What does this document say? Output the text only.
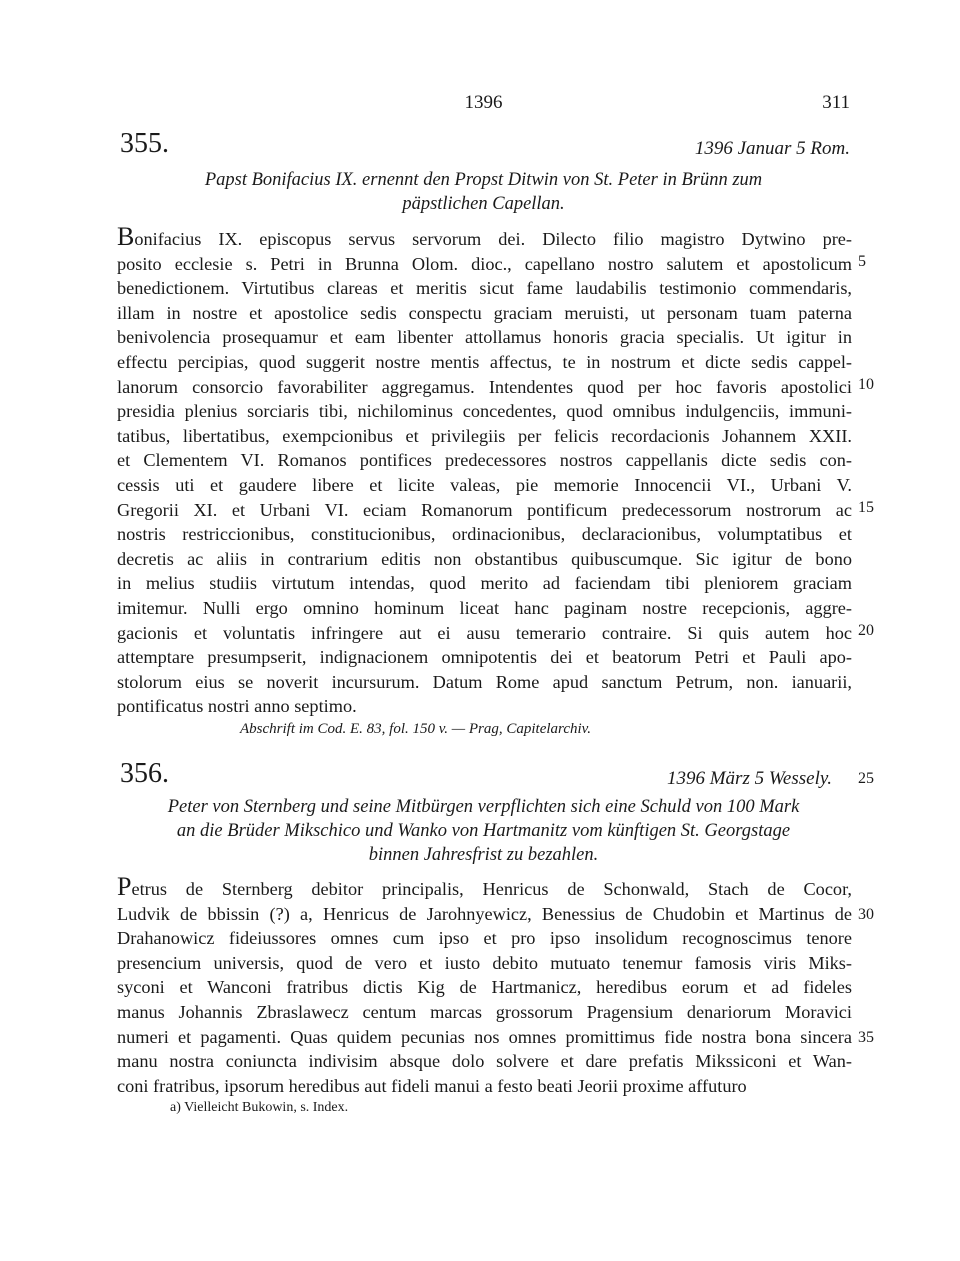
1396	311
355.	1396 Januar 5 Rom.
Papst Bonifacius IX. ernennt den Propst Ditwin von St. Peter in Brünn zum
päpstlichen Capellan.
Bonifacius IX. episcopus servus servorum dei. Dilecto filio magistro Dytwino pre-
posito ecclesie s. Petri in Brunna Olom. dioc., capellano nostro salutem et apostolicum
benedictionem. Virtutibus clareas et meritis sicut fame laudabilis testimonio commendaris,
illam in nostre et apostolice sedis conspectu graciam meruisti, ut personam tuam paterna
benivolencia prosequamur et eam libenter attollamus honoris gracia specialis. Ut igitur in
effectu percipias, quod suggerit nostre mentis affectus, te in nostrum et dicte sedis cappel-
lanorum consorcio favorabiliter aggregamus. Intendentes quod per hoc favoris apostolici
presidia plenius sorciaris tibi, nichilominus concedentes, quod omnibus indulgenciis, immuni-
tatibus, libertatibus, exempcionibus et privilegiis per felicis recordacionis Johannem XXII.
et Clementem VI. Romanos pontifices predecessores nostros cappellanis dicte sedis con-
cessis uti et gaudere libere et licite valeas, pie memorie Innocencii VI., Urbani V.
Gregorii XI. et Urbani VI. eciam Romanorum pontificum predecessorum nostrorum ac
nostris restriccionibus, constitucionibus, ordinacionibus, declaracionibus, volumptatibus et
decretis ac aliis in contrarium editis non obstantibus quibuscumque. Sic igitur de bono
in melius studiis virtutum intendas, quod merito ad faciendam tibi pleniorem graciam
imitemur. Nulli ergo omnino hominum liceat hanc paginam nostre recepcionis, aggre-
gacionis et voluntatis infringere aut ei ausu temerario contraire. Si quis autem hoc
attemptare presumpserit, indignacionem omnipotentis dei et beatorum Petri et Pauli apo-
stolorum eius se noverit incursurum. Datum Rome apud sanctum Petrum, non. ianuarii,
pontificatus nostri anno septimo.
Abschrift im Cod. E. 83, fol. 150 v. — Prag, Capitelarchiv.
356.	1396 März 5 Wessely.
Peter von Sternberg und seine Mitbürgen verpflichten sich eine Schuld von 100 Mark
an die Brüder Mikschico und Wanko von Hartmanitz vom künftigen St. Georgstage
binnen Jahresfrist zu bezahlen.
Petrus de Sternberg debitor principalis, Henricus de Schonwald, Stach de Cocor,
Ludvik de bbissin (?) a, Henricus de Jarohnyewicz, Benessius de Chudobin et Martinus de
Drahanowicz fideiussores omnes cum ipso et pro ipso insolidum recognoscimus tenore
presencium universis, quod de vero et iusto debito mutuato tenemur famosis viris Miks-
syconi et Wanconi fratribus dictis Kig de Hartmanicz, heredibus eorum et ad fideles
manus Johannis Zbraslawecz centum marcas grossorum Pragensium denariorum Moravici
numeri et pagamenti. Quas quidem pecunias nos omnes promittimus fide nostra bona sincera
manu nostra coniuncta indivisim absque dolo solvere et dare prefatis Mikssiconi et Wan-
coni fratribus, ipsorum heredibus aut fideli manui a festo beati Jeorii proxime affuturo
a) Vielleicht Bukowin, s. Index.
5
10
15
20
25
30
35
